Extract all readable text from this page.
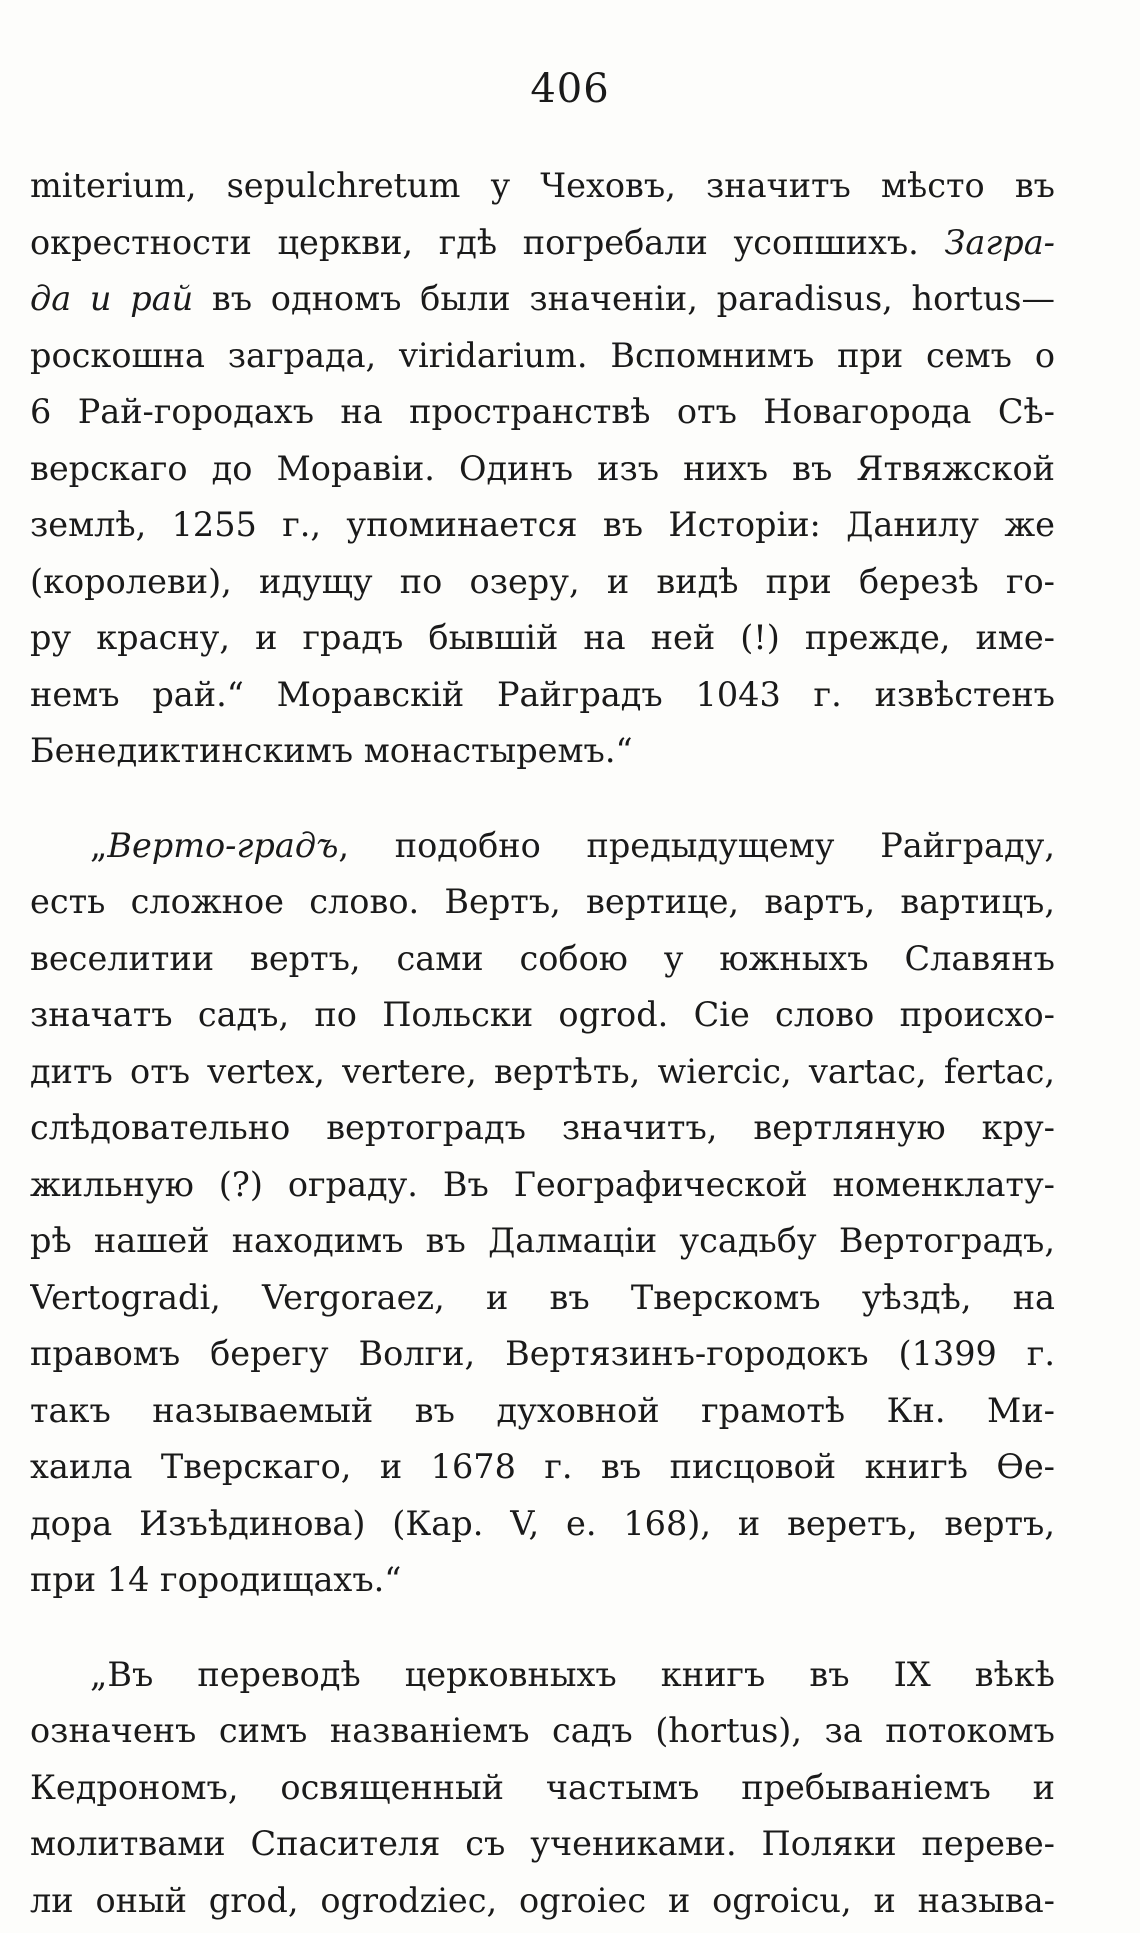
406
miterium, sepulchretum у Чеховъ, значитъ мѣсто въ
окрестности церкви, гдѣ погребали усопшихъ. Загра-
да и рай въ одномъ были значеніи, paradisus, hortus—
роскошна заграда, viridarium. Вспомнимъ при семъ о
6 Рай-городахъ на пространствѣ отъ Новагорода Сѣ-
верскаго до Моравіи. Одинъ изъ нихъ въ Ятвяжской
землѣ, 1255 г., упоминается въ Исторіи: Данилу же
(королеви), идущу по озеру, и видѣ при березѣ го-
ру красну, и градъ бывшій на ней (!) прежде, име-
немъ рай.“ Моравскій Райградъ 1043 г. извѣстенъ
Бенедиктинскимъ монастыремъ.“
„Верто-градъ, подобно предыдущему Райграду,
есть сложное слово. Вертъ, вертице, вартъ, вартицъ,
веселитии вертъ, сами собою у южныхъ Славянъ
значатъ садъ, по Польски ogrod. Сіе слово происхо-
дитъ отъ vertex, vertere, вертѣть, wiercic, vartac, fertac,
слѣдовательно вертоградъ значитъ, вертляную кру-
жильную (?) ограду. Въ Географической номенклату-
рѣ нашей находимъ въ Далмаціи усадьбу Вертоградъ,
Vertogradi, Vergoraez, и въ Тверскомъ уѣздѣ, на
правомъ берегу Волги, Вертязинъ-городокъ (1399 г.
такъ называемый въ духовной грамотѣ Кн. Ми-
хаила Тверскаго, и 1678 г. въ писцовой книгѣ Ѳе-
дора Изъѣдинова) (Кар. V, е. 168), и веретъ, вертъ,
при 14 городищахъ.“
„Въ переводѣ церковныхъ книгъ въ IX вѣкѣ
означенъ симъ названіемъ садъ (hortus), за потокомъ
Кедрономъ, освященный частымъ пребываніемъ и
молитвами Спасителя съ учениками. Поляки переве-
ли оный grod, ogrodziec, ogroiec и ogroicu, и называ-
